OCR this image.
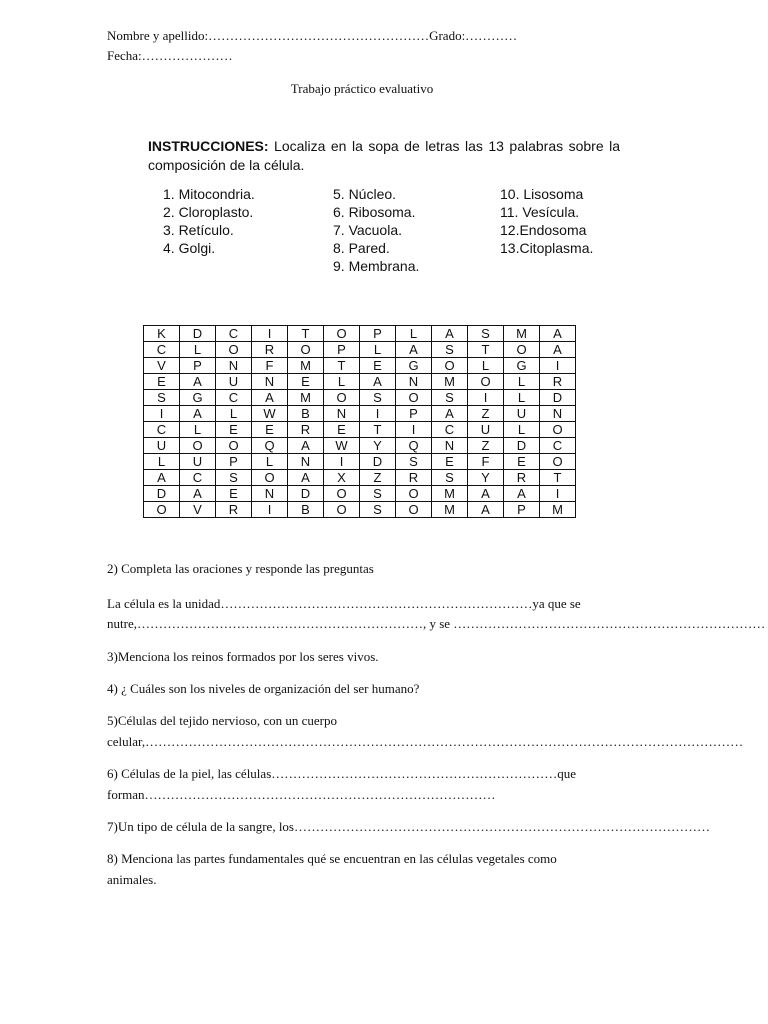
Nombre y apellido:……………………………………………Grado:…………
Fecha:…………………
Trabajo práctico evaluativo
INSTRUCCIONES: Localiza en la sopa de letras las 13 palabras sobre la composición de la célula.
1. Mitocondria.
2. Cloroplasto.
3. Retículo.
4. Golgi.
5. Núcleo.
6. Ribosoma.
7. Vacuola.
8. Pared.
9. Membrana.
10. Lisosoma
11. Vesícula.
12.Endosoma
13.Citoplasma.
K	D	C	I	T	O	P	L	A	S	M	A
C	L	O	R	O	P	L	A	S	T	O	A
V	P	N	F	M	T	E	G	O	L	G	I
E	A	U	N	E	L	A	N	M	O	L	R
S	G	C	A	M	O	S	O	S	I	L	D
I	A	L	W	B	N	I	P	A	Z	U	N
C	L	E	E	R	E	T	I	C	U	L	O
U	O	O	Q	A	W	Y	Q	N	Z	D	C
L	U	P	L	N	I	D	S	E	F	E	O
A	C	S	O	A	X	Z	R	S	Y	R	T
D	A	E	N	D	O	S	O	M	A	A	I
O	V	R	I	B	O	S	O	M	A	P	M
2) Completa las oraciones y responde las preguntas
La célula es la unidad………………………………………………………………ya que se
nutre,…………………………………………………………, y se ………………………………………………………………
3)Menciona los reinos formados por los seres vivos.
4) ¿ Cuáles son los niveles de organización del ser humano?
5)Células del tejido nervioso, con un cuerpo
celular,…………………………………………………………………………………………………………………………
6) Células de la piel, las células…………………………………………………………que
forman………………………………………………………………………
7)Un tipo de célula de la sangre, los……………………………………………………………………………………
8) Menciona las partes fundamentales qué se encuentran en las células vegetales como
animales.
